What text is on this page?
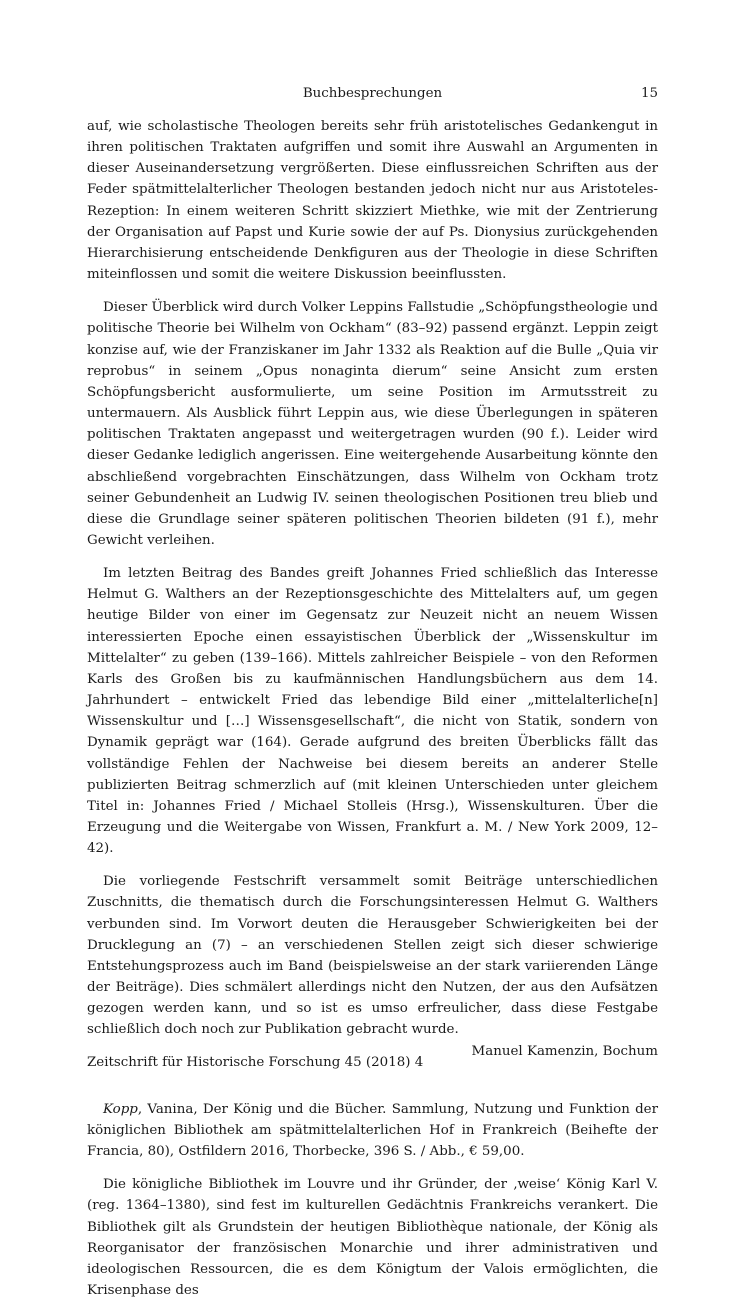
Buchbesprechungen	15

auf, wie scholastische Theologen bereits sehr früh aristotelisches Gedankengut in ihren politischen Traktaten aufgriffen und somit ihre Auswahl an Argumenten in dieser Auseinandersetzung vergrößerten. Diese einflussreichen Schriften aus der Feder spätmittelalterlicher Theologen bestanden jedoch nicht nur aus Aristoteles-Rezeption: In einem weiteren Schritt skizziert Miethke, wie mit der Zentrierung der Organisation auf Papst und Kurie sowie der auf Ps. Dionysius zurückgehenden Hierarchisierung entscheidende Denkfiguren aus der Theologie in diese Schriften miteinflossen und somit die weitere Diskussion beeinflussten.

Dieser Überblick wird durch Volker Leppins Fallstudie „Schöpfungstheologie und politische Theorie bei Wilhelm von Ockham“ (83–92) passend ergänzt. Leppin zeigt konzise auf, wie der Franziskaner im Jahr 1332 als Reaktion auf die Bulle „Quia vir reprobus“ in seinem „Opus nonaginta dierum“ seine Ansicht zum ersten Schöpfungsbericht ausformulierte, um seine Position im Armutsstreit zu untermauern. Als Ausblick führt Leppin aus, wie diese Überlegungen in späteren politischen Traktaten angepasst und weitergetragen wurden (90 f.). Leider wird dieser Gedanke lediglich angerissen. Eine weitergehende Ausarbeitung könnte den abschließend vorgebrachten Einschätzungen, dass Wilhelm von Ockham trotz seiner Gebundenheit an Ludwig IV. seinen theologischen Positionen treu blieb und diese die Grundlage seiner späteren politischen Theorien bildeten (91 f.), mehr Gewicht verleihen.

Im letzten Beitrag des Bandes greift Johannes Fried schließlich das Interesse Helmut G. Walthers an der Rezeptionsgeschichte des Mittelalters auf, um gegen heutige Bilder von einer im Gegensatz zur Neuzeit nicht an neuem Wissen interessierten Epoche einen essayistischen Überblick der „Wissenskultur im Mittelalter“ zu geben (139–166). Mittels zahlreicher Beispiele – von den Reformen Karls des Großen bis zu kaufmännischen Handlungsbüchern aus dem 14. Jahrhundert – entwickelt Fried das lebendige Bild einer „mittelalterliche[n] Wissenskultur und […] Wissensgesellschaft“, die nicht von Statik, sondern von Dynamik geprägt war (164). Gerade aufgrund des breiten Überblicks fällt das vollständige Fehlen der Nachweise bei diesem bereits an anderer Stelle publizierten Beitrag schmerzlich auf (mit kleinen Unterschieden unter gleichem Titel in: Johannes Fried / Michael Stolleis (Hrsg.), Wissenskulturen. Über die Erzeugung und die Weitergabe von Wissen, Frankfurt a. M. / New York 2009, 12–42).

Die vorliegende Festschrift versammelt somit Beiträge unterschiedlichen Zuschnitts, die thematisch durch die Forschungsinteressen Helmut G. Walthers verbunden sind. Im Vorwort deuten die Herausgeber Schwierigkeiten bei der Drucklegung an (7) – an verschiedenen Stellen zeigt sich dieser schwierige Entstehungsprozess auch im Band (beispielsweise an der stark variierenden Länge der Beiträge). Dies schmälert allerdings nicht den Nutzen, der aus den Aufsätzen gezogen werden kann, und so ist es umso erfreulicher, dass diese Festgabe schließlich doch noch zur Publikation gebracht wurde.

Manuel Kamenzin, Bochum

Kopp, Vanina, Der König und die Bücher. Sammlung, Nutzung und Funktion der königlichen Bibliothek am spätmittelalterlichen Hof in Frankreich (Beihefte der Francia, 80), Ostfildern 2016, Thorbecke, 396 S. / Abb., € 59,00.

Die königliche Bibliothek im Louvre und ihr Gründer, der ‚weise‘ König Karl V. (reg. 1364–1380), sind fest im kulturellen Gedächtnis Frankreichs verankert. Die Bibliothek gilt als Grundstein der heutigen Bibliothèque nationale, der König als Reorganisator der französischen Monarchie und ihrer administrativen und ideologischen Ressourcen, die es dem Königtum der Valois ermöglichten, die Krisenphase des

Zeitschrift für Historische Forschung 45 (2018) 4
